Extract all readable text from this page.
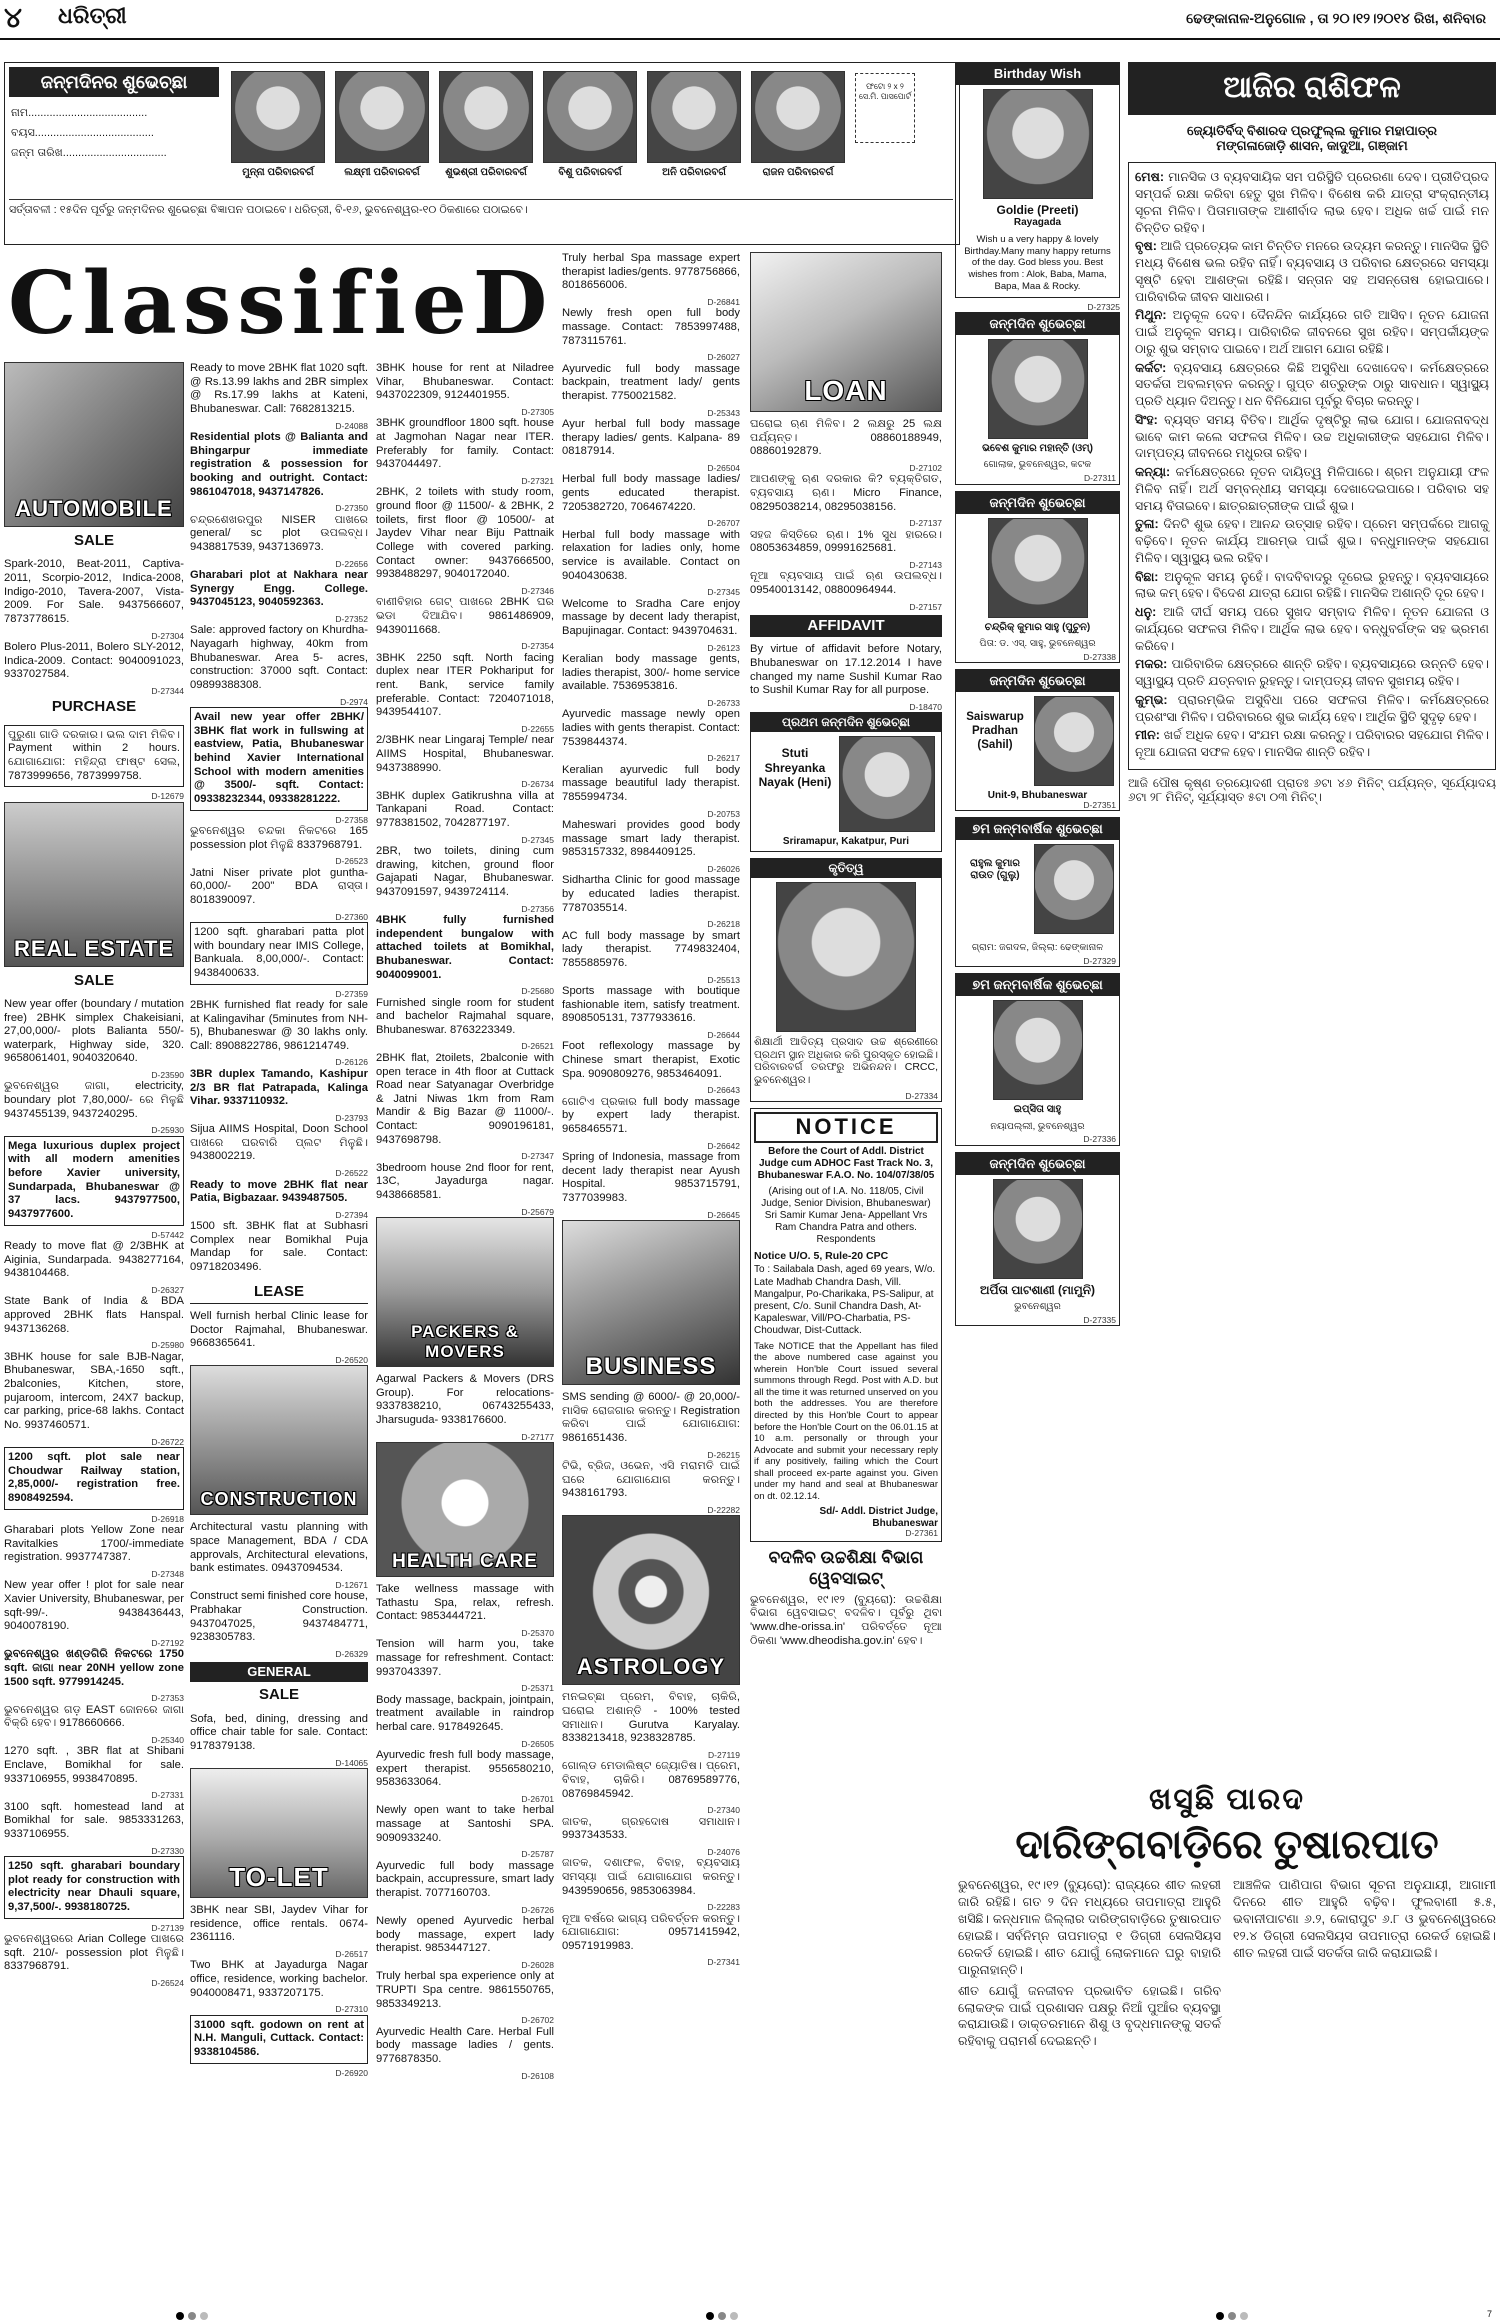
୪ ଧରିତ୍ରୀ	ଢେଙ୍କାନାଳ-ଅନୁଗୋଳ , ତା ୨୦।୧୨।୨୦୧୪ ରିଖ, ଶନିବାର
ଜନ୍ମଦିନର ଶୁଭେଚ୍ଛା
ନାମ.......................................
ବୟସ.......................................
ଜନ୍ମ ତାରିଖ..................................
ମୁନ୍ନା ପରିବାରବର୍ଗ	ଲକ୍ଷ୍ମୀ ପରିବାରବର୍ଗ	ଶୁଭଶ୍ରୀ ପରିବାରବର୍ଗ	ବିଶୁ ପରିବାରବର୍ଗ	ଅନି ପରିବାରବର୍ଗ	ରାଜନ ପରିବାରବର୍ଗ
ଫଟୋ ୨ x ୨ ସେ.ମି. ପାସପୋର୍ଟ
ସର୍ତ୍ତାବଳୀ : ୧୫ଦିନ ପୂର୍ବରୁ ଜନ୍ମଦିନର ଶୁଭେଚ୍ଛା ବିଜ୍ଞାପନ ପଠାଇବେ। ଧରିତ୍ରୀ, ବି-୧୬, ଭୁବନେଶ୍ୱର-୧୦ ଠିକଣାରେ ପଠାଇବେ।
ClassifieD
AUTOMOBILE
SALE
Spark-2010, Beat-2011, Captiva-2011, Scorpio-2012, Indica-2008, Indigo-2010, Tavera-2007, Vista-2009. For Sale. 9437566607, 7873778615.
D-27304
Bolero Plus-2011, Bolero SLY-2012, Indica-2009. Contact: 9040091023, 9337027584.
D-27344
PURCHASE
ପୁରୁଣା ଗାଡି ଦରକାର। ଭଲ ଦାମ ମିଳିବ। Payment within 2 hours. ଯୋଗାଯୋଗ: ମହିନ୍ଦ୍ରା ଫାଷ୍ଟ ସେଲ, 7873999656, 7873999758.
D-12679
REAL ESTATE
SALE
New year offer (boundary / mutation free) 2BHK simplex Chakeisiani, 27,00,000/- plots Balianta 550/- waterpark, Highway side, 320. 9658061401, 9040320640.
D-23590
ଭୁବନେଶ୍ୱର ଜାଗା, electricity, boundary plot 7,80,000/- ରେ ମିଳୁଛି 9437455139, 9437240295.
D-25930
Mega luxurious duplex project with all modern amenities before Xavier university, Sundarpada, Bhubaneswar @ 37 lacs. 9437977500, 9437977600.
D-57442
Ready to move flat @ 2/3BHK at Aiginia, Sundarpada. 9438277164, 9438104468.
D-26327
State Bank of India & BDA approved 2BHK flats Hanspal. 9437136268.
D-25980
3BHK house for sale BJB-Nagar, Bhubaneswar, SBA,-1650 sqft., 2balconies, Kitchen, store, pujaroom, intercom, 24X7 backup, car parking, price-68 lakhs. Contact No. 9937460571.
D-26722
1200 sqft. plot sale near Choudwar Railway station, 2,85,000/- registration free. 8908492594.
D-26918
Gharabari plots Yellow Zone near Ravitalkies 1700/-immediate registration. 9937747387.
D-27348
New year offer ! plot for sale near Xavier University, Bhubaneswar, per sqft-99/-. 9438436443, 9040078190.
D-27192
ଭୁବନେଶ୍ୱର ଖଣ୍ଡଗିରି ନିକଟରେ 1750 sqft. ଜାଗା near 20NH yellow zone 1500 sqft. 9779914245.
D-27353
ଭୁବନେଶ୍ୱର ଗଡ଼ EAST ଜୋନରେ ଜାଗା ବିକ୍ରି ହେବ। 9178660666.
D-25340
1270 sqft. , 3BR flat at Shibani Enclave, Bomikhal for sale. 9337106955, 9938470895.
D-27331
3100 sqft. homestead land at Bomikhal for sale. 9853331263, 9337106955.
D-27330
1250 sqft. gharabari boundary plot ready for construction with electricity near Dhauli square, 9,37,500/-. 9938180725.
D-27139
ଭୁବନେଶ୍ୱରରେ Arian College ପାଖରେ sqft. 210/- possession plot ମିଳୁଛି। 8337968791.
D-26524
Ready to move 2BHK flat 1020 sqft. @ Rs.13.99 lakhs and 2BR simplex @ Rs.17.99 lakhs at Kateni, Bhubaneswar. Call: 7682813215.
D-24088
Residential plots @ Balianta and Bhingarpur immediate registration & possession for booking and outright. Contact: 9861047018, 9437147826.
D-27350
ଚନ୍ଦ୍ରଶେଖରପୁର NISER ପାଖରେ general/ sc plot ଉପଲବ୍ଧ। 9438817539, 9437136973.
D-22656
Gharabari plot at Nakhara near Synergy Engg. College. 9437045123, 9040592363.
D-27352
Sale: approved factory on Khurdha-Nayagarh highway, 40km from Bhubaneswar. Area 5- acres, construction: 37000 sqft. Contact: 09899388308.
D-2974
Avail new year offer 2BHK/ 3BHK flat work in fullswing at eastview, Patia, Bhubaneswar behind Xavier International School with modern amenities @ 3500/- sqft. Contact: 09338232344, 09338281222.
D-27358
ଭୁବନେଶ୍ୱର ଚନ୍ଦକା ନିକଟରେ 165 possession plot ମିଳୁଛି 8337968791.
D-26523
Jatni Niser private plot guntha-60,000/- 200" BDA ରାସ୍ତା। 8018390097.
D-27360
1200 sqft. gharabari patta plot with boundary near IMIS College, Bankuala. 8,00,000/-. Contact: 9438400633.
D-27359
2BHK furnished flat ready for sale at Kalingavihar (5minutes from NH-5), Bhubaneswar @ 30 lakhs only. Call: 8908822786, 9861214749.
D-26126
3BR duplex Tamando, Kashipur 2/3 BR flat Patrapada, Kalinga Vihar. 9337110932.
D-23793
Sijua AIIMS Hospital, Doon School ପାଖରେ ଘରବାରି ପ୍ଲଟ ମିଳୁଛି। 9438002219.
D-26522
Ready to move 2BHK flat near Patia, Bigbazaar. 9439487505.
D-27394
1500 sft. 3BHK flat at Subhasri Complex near Bomikhal Puja Mandap for sale. Contact: 09718203496.
LEASE
Well furnish herbal Clinic lease for Doctor Rajmahal, Bhubaneswar. 9668365641.
D-26520
CONSTRUCTION
Architectural vastu planning with space Management, BDA / CDA approvals, Architectural elevations, bank estimates. 09437094534.
D-12671
Construct semi finished core house, Prabhakar Construction. 9437047025, 9437484771, 9238305783.
D-26329
GENERAL
SALE
Sofa, bed, dining, dressing and office chair table for sale. Contact: 9178379138.
D-14065
TO-LET
3BHK near SBI, Jaydev Vihar for residence, office rentals. 0674-2361116.
D-26517
Two BHK at Jayadurga Nagar office, residence, working bachelor. 9040008471, 9337207175.
D-27310
31000 sqft. godown on rent at N.H. Manguli, Cuttack. Contact: 9338104586.
D-26920
3BHK house for rent at Niladree Vihar, Bhubaneswar. Contact: 9437022309, 9124401955.
D-27305
3BHK groundfloor 1800 sqft. house at Jagmohan Nagar near ITER. Preferably for family. Contact: 9437044497.
D-27321
2BHK, 2 toilets with study room, ground floor @ 11500/- & 2BHK, 2 toilets, first floor @ 10500/- at Jaydev Vihar near Biju Pattnaik College with covered parking. Contact owner: 9437666500, 9938488297, 9040172040.
D-27346
ବାଣୀବିହାର ଗେଟ୍ ପାଖରେ 2BHK ଘର ଭଡା ଦିଆଯିବ। 9861486909, 9439011668.
D-27354
3BHK 2250 sqft. North facing duplex near ITER Pokhariput for rent. Bank, service family preferable. Contact: 7204071018, 9439544107.
D-22655
2/3BHK near Lingaraj Temple/ near AIIMS Hospital, Bhubaneswar. 9437388990.
D-26734
3BHK duplex Gatikrushna villa at Tankapani Road. Contact: 9778381502, 7042877197.
D-27345
2BR, two toilets, dining cum drawing, kitchen, ground floor Gajapati Nagar, Bhubaneswar. 9437091597, 9439724114.
D-27356
4BHK fully furnished independent bungalow with attached toilets at Bomikhal, Bhubaneswar. Contact: 9040099001.
D-25680
Furnished single room for student and bachelor Rajmahal square, Bhubaneswar. 8763223349.
D-26521
2BHK flat, 2toilets, 2balconie with open terace in 4th floor at Cuttack Road near Satyanagar Overbridge & Jatni Niwas 1km from Ram Mandir & Big Bazar @ 11000/-. Contact: 9090196181, 9437698798.
D-27347
3bedroom house 2nd floor for rent, 13C, Jayadurga nagar. 9438668581.
D-25679
PACKERS & MOVERS
Agarwal Packers & Movers (DRS Group). For relocations-9337838210, 06743255433, Jharsuguda- 9338176600.
D-27177
HEALTH CARE
Take wellness massage with Tathastu Spa, relax, refresh. Contact: 9853444721.
D-25370
Tension will harm you, take massage for refreshment. Contact: 9937043397.
D-25371
Body massage, backpain, jointpain, treatment available in raindrop herbal care. 9178492645.
D-26505
Ayurvedic fresh full body massage, expert therapist. 9556580210, 9583633064.
D-26701
Newly open want to take herbal massage at Santoshi SPA. 9090933240.
D-25787
Ayurvedic full body massage backpain, accupressure, smart lady therapist. 7077160703.
D-26726
Newly opened Ayurvedic herbal body massage, expert lady therapist. 9853447127.
D-26028
Truly herbal spa experience only at TRUPTI Spa centre. 9861550765, 9853349213.
D-26702
Ayurvedic Health Care. Herbal Full body massage ladies / gents. 9776878350.
D-26108
Truly herbal Spa massage expert therapist ladies/gents. 9778756866, 8018656006.
D-26841
Newly fresh open full body massage. Contact: 7853997488, 7873115761.
D-26027
Ayurvedic full body massage backpain, treatment lady/ gents therapist. 7750021582.
D-25343
Ayur herbal full body massage therapy ladies/ gents. Kalpana- 89 08187914.
D-26504
Herbal full body massage ladies/ gents educated therapist. 7205382720, 7064674220.
D-26707
Herbal full body massage with relaxation for ladies only, home service is available. Contact on 9040430638.
D-27345
Welcome to Sradha Care enjoy massage by decent lady therapist, Bapujinagar. Contact: 9439704631.
D-26123
Keralian body massage gents, ladies therapist, 300/- home service available. 7536953816.
D-26733
Ayurvedic massage newly open ladies with gents therapist. Contact: 7539844374.
D-26217
Keralian ayurvedic full body massage beautiful lady therapist. 7855994734.
D-20753
Maheswari provides good body massage smart lady therapist. 9853157332, 8984409125.
D-26026
Sidhartha Clinic for good massage by educated ladies therapist. 7787035514.
D-26218
AC full body massage by smart lady therapist. 7749832404, 7855885976.
D-25513
Sports massage with boutique fashionable item, satisfy treatment. 8908505131, 7377933616.
D-26644
Foot reflexology massage by Chinese smart therapist, Exotic Spa. 9090809276, 9853464091.
D-26643
ଗୋଟିଏ ପ୍ରକାର full body massage by expert lady therapist. 9658465571.
D-26642
Spring of Indonesia, massage from decent lady therapist near Ayush Hospital. 9853715791, 7377039983.
D-26645
BUSINESS
SMS sending @ 6000/- @ 20,000/- ମାସିକ ରୋଜଗାର କରନ୍ତୁ। Registration କରିବା ପାଇଁ ଯୋଗାଯୋଗ: 9861651436.
D-26215
ଟିଭି, ବ୍ରିଜ, ଓଭେନ, ଏସି ମରାମତି ପାଇଁ ଘରେ ଯୋଗାଯୋଗ କରନ୍ତୁ। 9438161793.
D-22282
ASTROLOGY
ମନଇଚ୍ଛା ପ୍ରେମ, ବିବାହ, ଚାକିରି, ଘରୋଇ ଅଶାନ୍ତି - 100% tested ସମାଧାନ। Gurutva Karyalay. 8338213418, 9238328785.
D-27119
ଗୋଲ୍ଡ ମେଡାଲିଷ୍ଟ ଜ୍ୟୋତିଷ। ପ୍ରେମ, ବିବାହ, ଚାକିରି। 08769589776, 08769845942.
D-27340
ଜାତକ, ଗ୍ରହଦୋଷ ସମାଧାନ। 9937343533.
D-24076
ଜାତକ, ଦଶାଫଳ, ବିବାହ, ବ୍ୟବସାୟ ସମସ୍ୟା ପାଇଁ ଯୋଗାଯୋଗ କରନ୍ତୁ। 9439590656, 9853063984.
D-22283
ନୂଆ ବର୍ଷରେ ଭାଗ୍ୟ ପରିବର୍ତ୍ତନ କରନ୍ତୁ। ଯୋଗାଯୋଗ: 09571415942, 09571919983.
D-27341
LOAN
ଘରୋଇ ଋଣ ମିଳିବ। 2 ଲକ୍ଷରୁ 25 ଲକ୍ଷ ପର୍ଯ୍ୟନ୍ତ। 08860188949, 08860192879.
D-27102
ଆପଣଙ୍କୁ ଋଣ ଦରକାର କି? ବ୍ୟକ୍ତିଗତ, ବ୍ୟବସାୟ ଋଣ। Micro Finance, 08295038214, 08295038156.
D-27137
ସହଜ କିସ୍ତିରେ ଋଣ। 1% ସୁଧ ହାରରେ। 08053634859, 09991625681.
D-27143
ନୂଆ ବ୍ୟବସାୟ ପାଇଁ ଋଣ ଉପଲବ୍ଧ। 09540013142, 08800964944.
D-27157
AFFIDAVIT
By virtue of affidavit before Notary, Bhubaneswar on 17.12.2014 I have changed my name Sushil Kumar Rao to Sushil Kumar Ray for all purpose.
D-18470
ପ୍ରଥମ ଜନ୍ମଦିନ ଶୁଭେଚ୍ଛା
Stuti Shreyanka Nayak (Heni)
Sriramapur, Kakatpur, Puri
କୃତିତ୍ୱ
ଶିକ୍ଷାର୍ଥୀ ଆଦିତ୍ୟ ପ୍ରସାଦ ଉଚ୍ଚ ଶ୍ରେଣୀରେ ପ୍ରଥମ ସ୍ଥାନ ଅଧିକାର କରି ପୁରସ୍କୃତ ହୋଇଛି। ପରିବାରବର୍ଗ ତରଫରୁ ଅଭିନନ୍ଦନ। CRCC, ଭୁବନେଶ୍ୱର।
D-27334
NOTICE
Before the Court of Addl. District Judge cum ADHOC Fast Track No. 3, Bhubaneswar F.A.O. No. 104/07/38/05
(Arising out of I.A. No. 118/05, Civil Judge, Senior Division, Bhubaneswar) Sri Samir Kumar Jena- Appellant Vrs Ram Chandra Patra and others. Respondents
Notice U/O. 5, Rule-20 CPC
To : Sailabala Dash, aged 69 years, W/o. Late Madhab Chandra Dash, Vill. Mangalpur, Po-Charikaka, PS-Salipur, at present, C/o. Sunil Chandra Dash, At-Kapaleswar, Vill/PO-Charbatia, PS-Choudwar, Dist-Cuttack.
Take NOTICE that the Appellant has filed the above numbered case against you wherein Hon'ble Court issued several summons through Regd. Post with A.D. but all the time it was returned unserved on you both the addresses. You are therefore directed by this Hon'ble Court to appear before the Hon'ble Court on the 06.01.15 at 10 a.m. personally or through your Advocate and submit your necessary reply if any positively, failing which the Court shall proceed ex-parte against you. Given under my hand and seal at Bhubaneswar on dt. 02.12.14.
Sd/- Addl. District Judge, Bhubaneswar
D-27361
ବଦଳିବ ଉଚ୍ଚଶିକ୍ଷା ବିଭାଗ ୱେବସାଇଟ୍
ଭୁବନେଶ୍ୱର, ୧୯।୧୨ (ବ୍ୟୁରୋ): ଉଚ୍ଚଶିକ୍ଷା ବିଭାଗ ୱେବସାଇଟ୍ ବଦଳିବ। ପୂର୍ବରୁ ଥିବା 'www.dhe-orissa.in' ପରିବର୍ତ୍ତେ ନୂଆ ଠିକଣା 'www.dheodisha.gov.in' ହେବ।
Birthday Wish
Goldie (Preeti)
Rayagada
Wish u a very happy & lovely Birthday.Many many happy returns of the day. God bless you. Best wishes from : Alok, Baba, Mama, Bapa, Maa & Rocky.
D-27325
ଜନ୍ମଦିନ ଶୁଭେଚ୍ଛା
ଭବେଶ କୁମାର ମହାନ୍ତି (ଓମ୍)
ଗୋଲାକ, ଭୁବନେଶ୍ୱର, କଟକ
D-27311
ଜନ୍ମଦିନ ଶୁଭେଚ୍ଛା
ଚନ୍ଦ୍ରିକ୍ କୁମାର ସାହୁ (ପୁଚୁନ)
ପିତା: ଡ. ଏସ୍. ସାହୁ, ଭୁବନେଶ୍ୱର
D-27338
ଜନ୍ମଦିନ ଶୁଭେଚ୍ଛା
Saiswarup Pradhan (Sahil)
Unit-9, Bhubaneswar
D-27351
୭ମ ଜନ୍ମବାର୍ଷିକ ଶୁଭେଚ୍ଛା
ରାହୁଲ କୁମାର ରାଉତ (ଗୁଲୁ)
ଗ୍ରାମ: ଜଗଦଳ, ଜିଲ୍ଲା: ଢେଙ୍କାନାଳ
D-27329
୭ମ ଜନ୍ମବାର୍ଷିକ ଶୁଭେଚ୍ଛା
ଇପ୍ସିତା ସାହୁ
ନୟାପଲ୍ଲୀ, ଭୁବନେଶ୍ୱର
D-27336
ଜନ୍ମଦିନ ଶୁଭେଚ୍ଛା
ଅର୍ପିତା ପାଟଶାଣୀ (ମାମୁନି)
ଭୁବନେଶ୍ୱର
D-27335
ଆଜିର ରାଶିଫଳ
ଜ୍ୟୋତିର୍ବିଦ୍ ବିଶାରଦ ପ୍ରଫୁଲ୍ଲ କୁମାର ମହାପାତ୍ର
ମଙ୍ଗଳାଜୋଡ଼ି ଶାସନ, କାଦୁଆ, ଗଞ୍ଜାମ

ମେଷ: ମାନସିକ ଓ ବ୍ୟବସାୟିକ ସମ ପରିସ୍ଥିତି ପ୍ରେରଣା ଦେବ। ପ୍ରୀତିପ୍ରଦ ସମ୍ପର୍କ ରକ୍ଷା କରିବା ହେତୁ ସୁଖ ମିଳିବ। ବିଶେଷ କରି ଯାତ୍ରା ସଂକ୍ରାନ୍ତୀୟ ସୂଚନା ମିଳିବ। ପିତାମାତାଙ୍କ ଆଶୀର୍ବାଦ ଲାଭ ହେବ। ଅଧିକ ଖର୍ଚ୍ଚ ପାଇଁ ମନ ଚିନ୍ତିତ ରହିବ।

ବୃଷ: ଆଜି ପ୍ରତ୍ୟେକ କାମ ଚିନ୍ତିତ ମନରେ ଉଦ୍ୟମ କରନ୍ତୁ। ମାନସିକ ସ୍ଥିତି ମଧ୍ୟ ବିଶେଷ ଭଲ ରହିବ ନାହିଁ। ବ୍ୟବସାୟ ଓ ପରିବାର କ୍ଷେତ୍ରରେ ସମସ୍ୟା ସୃଷ୍ଟି ହେବା ଆଶଙ୍କା ରହିଛି। ସନ୍ତାନ ସହ ଅସନ୍ତୋଷ ହୋଇପାରେ। ପାରିବାରିକ ଜୀବନ ସାଧାରଣ।

ମିଥୁନ: ଅନୁକୂଳ ଦେବ। ଦୈନନ୍ଦିନ କାର୍ଯ୍ୟରେ ଗତି ଆସିବ। ନୂତନ ଯୋଜନା ପାଇଁ ଅନୁକୂଳ ସମୟ। ପାରିବାରିକ ଜୀବନରେ ସୁଖ ରହିବ। ସମ୍ପର୍କୀୟଙ୍କ ଠାରୁ ଶୁଭ ସମ୍ବାଦ ପାଇବେ। ଅର୍ଥ ଆଗମ ଯୋଗ ରହିଛି।

କର୍କଟ: ବ୍ୟବସାୟ କ୍ଷେତ୍ରରେ କିଛି ଅସୁବିଧା ଦେଖାଦେବ। କର୍ମକ୍ଷେତ୍ରରେ ସତର୍କତା ଅବଲମ୍ବନ କରନ୍ତୁ। ଗୁପ୍ତ ଶତ୍ରୁଙ୍କ ଠାରୁ ସାବଧାନ। ସ୍ୱାସ୍ଥ୍ୟ ପ୍ରତି ଧ୍ୟାନ ଦିଅନ୍ତୁ। ଧନ ବିନିଯୋଗ ପୂର୍ବରୁ ବିଚାର କରନ୍ତୁ।

ସିଂହ: ବ୍ୟସ୍ତ ସମୟ ବିତିବ। ଆର୍ଥିକ ଦୃଷ୍ଟିରୁ ଲାଭ ଯୋଗ। ଯୋଜନାବଦ୍ଧ ଭାବେ କାମ କଲେ ସଫଳତା ମିଳିବ। ଉଚ୍ଚ ଅଧିକାରୀଙ୍କ ସହଯୋଗ ମିଳିବ। ଦାମ୍ପତ୍ୟ ଜୀବନରେ ମଧୁରତା ରହିବ।

କନ୍ୟା: କର୍ମକ୍ଷେତ୍ରରେ ନୂତନ ଦାୟିତ୍ୱ ମିଳିପାରେ। ଶ୍ରମ ଅନୁଯାୟୀ ଫଳ ମିଳିବ ନାହିଁ। ଅର୍ଥ ସମ୍ବନ୍ଧୀୟ ସମସ୍ୟା ଦେଖାଦେଇପାରେ। ପରିବାର ସହ ସମୟ ବିତାଇବେ। ଛାତ୍ରଛାତ୍ରୀଙ୍କ ପାଇଁ ଶୁଭ।

ତୁଳା: ଦିନଟି ଶୁଭ ହେବ। ଆନନ୍ଦ ଉତ୍ସାହ ରହିବ। ପ୍ରେମ ସମ୍ପର୍କରେ ଆଗକୁ ବଢ଼ିବେ। ନୂତନ କାର୍ଯ୍ୟ ଆରମ୍ଭ ପାଇଁ ଶୁଭ। ବନ୍ଧୁମାନଙ୍କ ସହଯୋଗ ମିଳିବ। ସ୍ୱାସ୍ଥ୍ୟ ଭଲ ରହିବ।

ବିଛା: ଅନୁକୂଳ ସମୟ ନୁହେଁ। ବାଦବିବାଦରୁ ଦୂରେଇ ରୁହନ୍ତୁ। ବ୍ୟବସାୟରେ ଲାଭ କମ୍ ହେବ। ବିଦେଶ ଯାତ୍ରା ଯୋଗ ରହିଛି। ମାନସିକ ଅଶାନ୍ତି ଦୂର ହେବ।

ଧନୁ: ଆଜି ଦୀର୍ଘ ସମୟ ପରେ ସୁଖଦ ସମ୍ବାଦ ମିଳିବ। ନୂତନ ଯୋଜନା ଓ କାର୍ଯ୍ୟରେ ସଫଳତା ମିଳିବ। ଆର୍ଥିକ ଲାଭ ହେବ। ବନ୍ଧୁବର୍ଗଙ୍କ ସହ ଭ୍ରମଣ କରିବେ।

ମକର: ପାରିବାରିକ କ୍ଷେତ୍ରରେ ଶାନ୍ତି ରହିବ। ବ୍ୟବସାୟରେ ଉନ୍ନତି ହେବ। ସ୍ୱାସ୍ଥ୍ୟ ପ୍ରତି ଯତ୍ନବାନ ରୁହନ୍ତୁ। ଦାମ୍ପତ୍ୟ ଜୀବନ ସୁଖମୟ ରହିବ।

କୁମ୍ଭ: ପ୍ରାରମ୍ଭିକ ଅସୁବିଧା ପରେ ସଫଳତା ମିଳିବ। କର୍ମକ୍ଷେତ୍ରରେ ପ୍ରଶଂସା ମିଳିବ। ପରିବାରରେ ଶୁଭ କାର୍ଯ୍ୟ ହେବ। ଆର୍ଥିକ ସ୍ଥିତି ସୁଦୃଢ଼ ହେବ।

ମୀନ: ଖର୍ଚ୍ଚ ଅଧିକ ହେବ। ସଂଯମ ରକ୍ଷା କରନ୍ତୁ। ପରିବାରର ସହଯୋଗ ମିଳିବ। ନୂଆ ଯୋଜନା ସଫଳ ହେବ। ମାନସିକ ଶାନ୍ତି ରହିବ।

ଆଜି ପୌଷ କୃଷ୍ଣ ତ୍ରୟୋଦଶୀ ପ୍ରାତଃ ୬ଟା ୪୬ ମିନିଟ୍ ପର୍ଯ୍ୟନ୍ତ, ସୂର୍ଯ୍ୟୋଦୟ ୬ଟା ୨୮ ମିନିଟ୍, ସୂର୍ଯ୍ୟାସ୍ତ ୫ଟା ୦୩ ମିନିଟ୍।
ଖସୁଛି ପାରଦ
ଦାରିଙ୍ଗବାଡ଼ିରେ ତୁଷାରପାତ

ଭୁବନେଶ୍ୱର, ୧୯।୧୨ (ବ୍ୟୁରୋ): ରାଜ୍ୟରେ ଶୀତ ଲହରୀ ଜାରି ରହିଛି। ଗତ ୨ ଦିନ ମଧ୍ୟରେ ତାପମାତ୍ରା ଆହୁରି ଖସିଛି। କନ୍ଧମାଳ ଜିଲ୍ଲାର ଦାରିଙ୍ଗବାଡ଼ିରେ ତୁଷାରପାତ ହୋଇଛି। ସର୍ବନିମ୍ନ ତାପମାତ୍ରା ୧ ଡିଗ୍ରୀ ସେଲସିୟସ ରେକର୍ଡ ହୋଇଛି। ଶୀତ ଯୋଗୁଁ ଲୋକମାନେ ଘରୁ ବାହାରି ପାରୁନାହାନ୍ତି।

ଶୀତ ଯୋଗୁଁ ଜନଜୀବନ ପ୍ରଭାବିତ ହୋଇଛି। ଗରିବ ଲୋକଙ୍କ ପାଇଁ ପ୍ରଶାସନ ପକ୍ଷରୁ ନିଆଁ ପୁଆଁର ବ୍ୟବସ୍ଥା କରାଯାଉଛି। ଡାକ୍ତରମାନେ ଶିଶୁ ଓ ବୃଦ୍ଧମାନଙ୍କୁ ସତର୍କ ରହିବାକୁ ପରାମର୍ଶ ଦେଇଛନ୍ତି।

ଆଞ୍ଚଳିକ ପାଣିପାଗ ବିଭାଗ ସୂଚନା ଅନୁଯାୟୀ, ଆଗାମୀ ଦିନରେ ଶୀତ ଆହୁରି ବଢ଼ିବ। ଫୁଲବାଣୀ ୫.୫, ଭବାନୀପାଟଣା ୬.୨, କୋରାପୁଟ ୬.୮ ଓ ଭୁବନେଶ୍ୱରରେ ୧୨.୪ ଡିଗ୍ରୀ ସେଲସିୟସ ତାପମାତ୍ରା ରେକର୍ଡ ହୋଇଛି। ଶୀତ ଲହରୀ ପାଇଁ ସତର୍କତା ଜାରି କରାଯାଇଛି।

7
